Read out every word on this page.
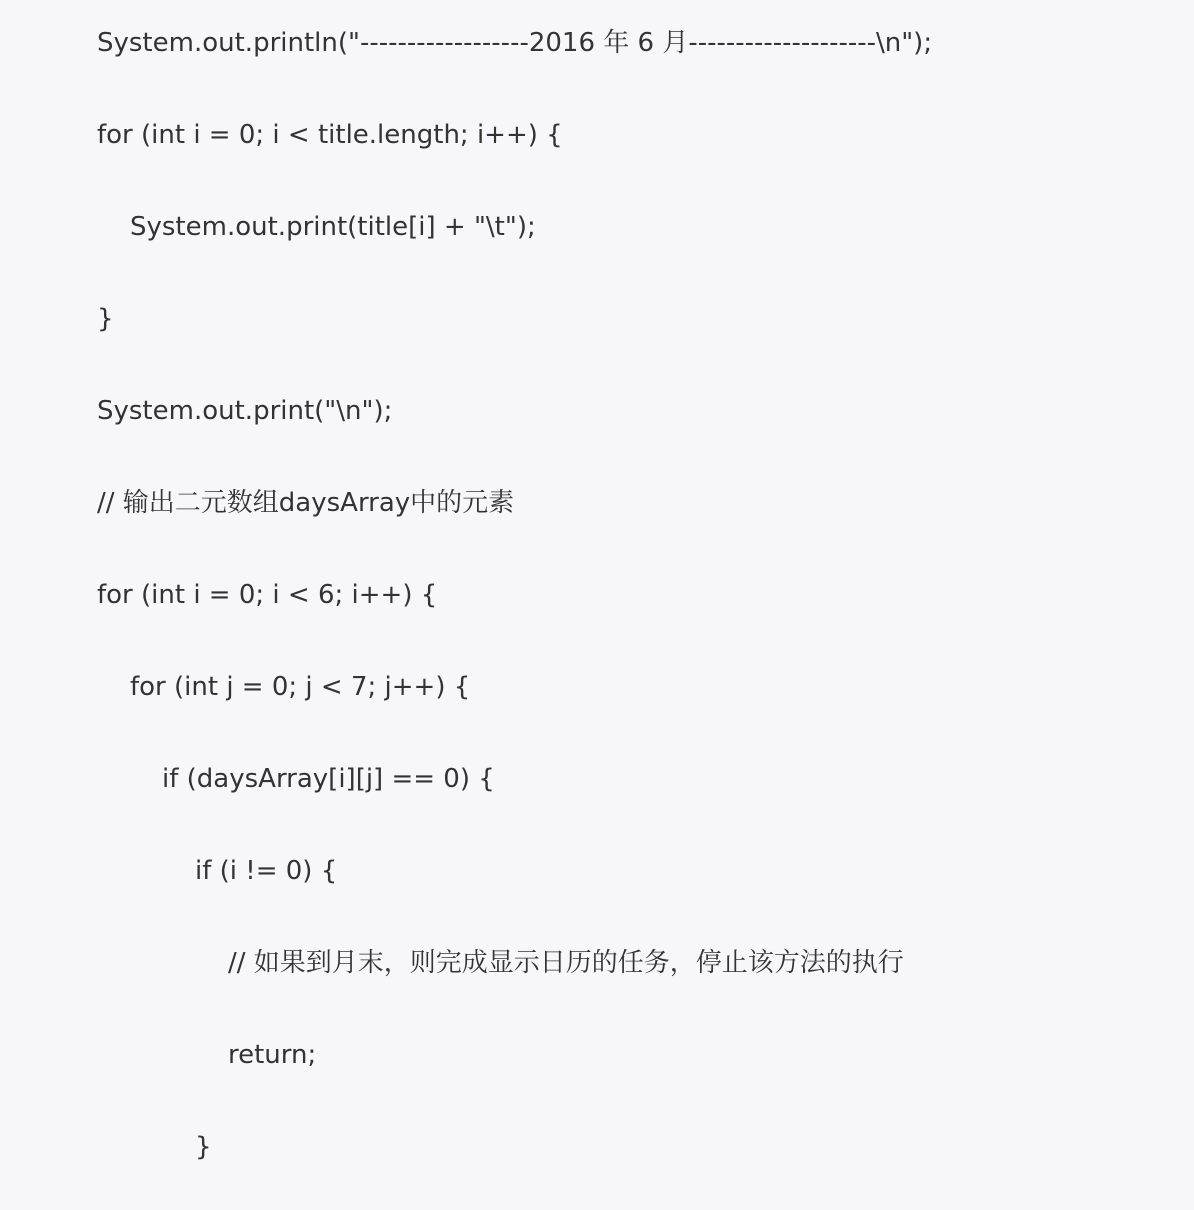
System.out.println("------------------2016 年 6 月--------------------\n");
for (int i = 0; i < title.length; i++) {
System.out.print(title[i] + "\t");
}
System.out.print("\n");
// 输出二元数组daysArray中的元素
for (int i = 0; i < 6; i++) {
for (int j = 0; j < 7; j++) {
if (daysArray[i][j] == 0) {
if (i != 0) {
// 如果到月末，则完成显示日历的任务，停止该方法的执行
return;
}
